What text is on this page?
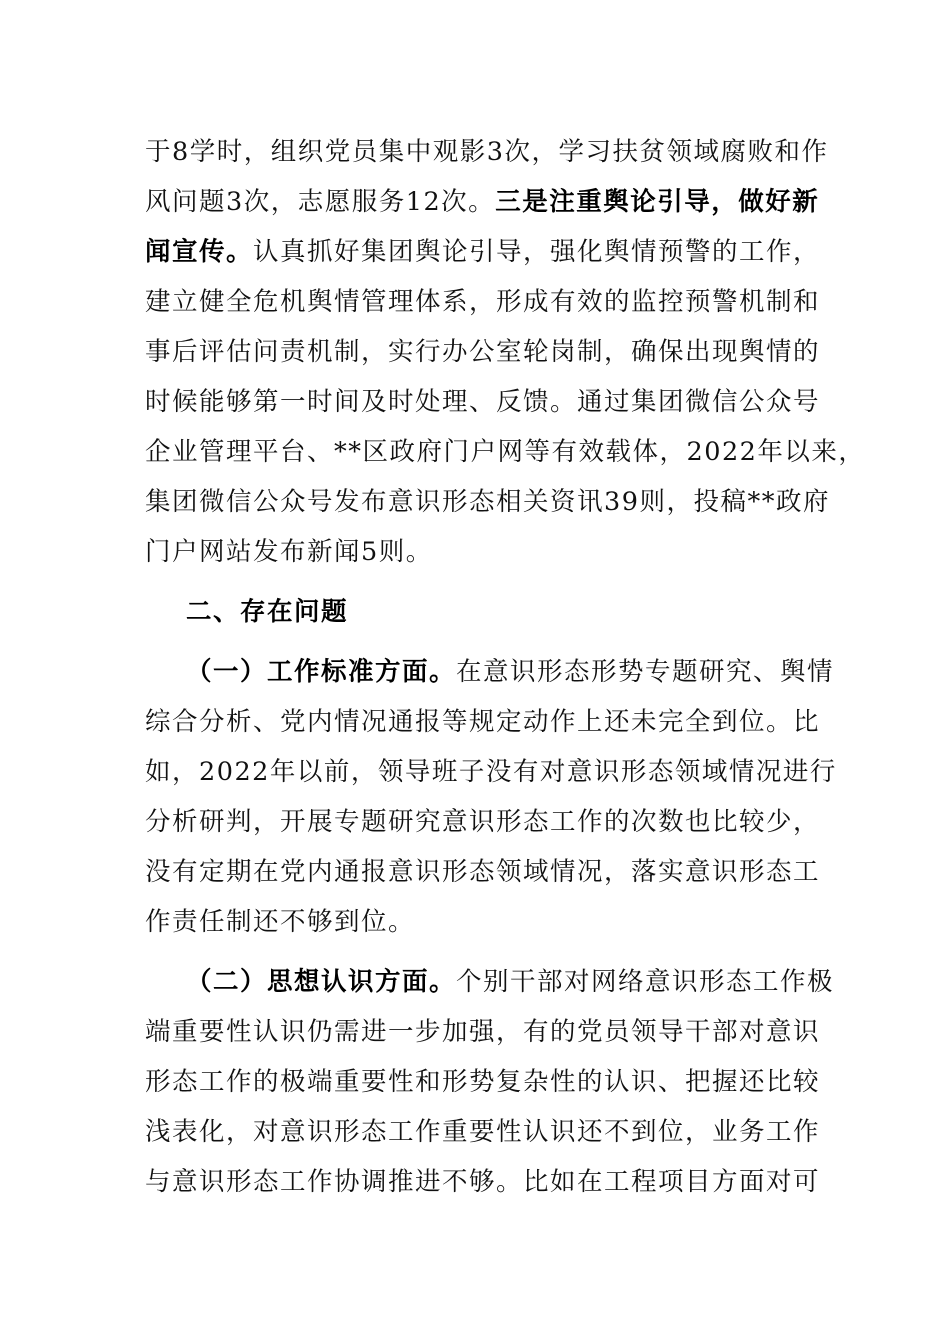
于8学时，组织党员集中观影3次，学习扶贫领域腐败和作
风问题3次，志愿服务12次。三是注重舆论引导，做好新
闻宣传。认真抓好集团舆论引导，强化舆情预警的工作，
建立健全危机舆情管理体系，形成有效的监控预警机制和
事后评估问责机制，实行办公室轮岗制，确保出现舆情的
时候能够第一时间及时处理、反馈。通过集团微信公众号
企业管理平台、**区政府门户网等有效载体，2022年以来，
集团微信公众号发布意识形态相关资讯39则，投稿**政府
门户网站发布新闻5则。
二、存在问题
（一）工作标准方面。在意识形态形势专题研究、舆情
综合分析、党内情况通报等规定动作上还未完全到位。比
如，2022年以前，领导班子没有对意识形态领域情况进行
分析研判，开展专题研究意识形态工作的次数也比较少，
没有定期在党内通报意识形态领域情况，落实意识形态工
作责任制还不够到位。
（二）思想认识方面。个别干部对网络意识形态工作极
端重要性认识仍需进一步加强，有的党员领导干部对意识
形态工作的极端重要性和形势复杂性的认识、把握还比较
浅表化，对意识形态工作重要性认识还不到位，业务工作
与意识形态工作协调推进不够。比如在工程项目方面对可
